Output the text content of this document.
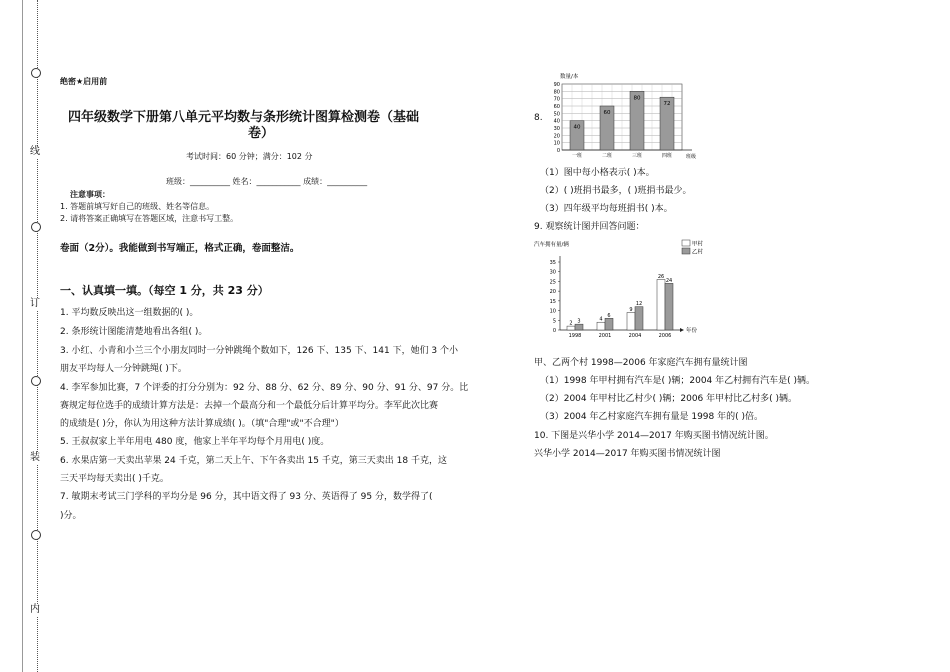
线
订
装
内
绝密★启用前
四年级数学下册第八单元平均数与条形统计图算检测卷（基础
卷）
考试时间：60 分钟；满分：102 分
班级：__________ 姓名：___________ 成绩：__________
注意事项：
1. 答题前填写好自己的班级、姓名等信息。
2. 请将答案正确填写在答题区域，注意书写工整。
卷面（2分）。我能做到书写端正，格式正确，卷面整洁。
一、认真填一填。（每空 1 分，共 23 分）
1. 平均数反映出这一组数据的( )。
2. 条形统计图能清楚地看出各组( )。
3. 小红、小青和小兰三个小朋友同时一分钟跳绳个数如下，126 下、135 下、141 下，她们 3 个小
朋友平均每人一分钟跳绳( )下。
4. 李军参加比赛，7 个评委的打分分别为：92 分、88 分、62 分、89 分、90 分、91 分、97 分。比
赛规定每位选手的成绩计算方法是：去掉一个最高分和一个最低分后计算平均分。李军此次比赛
的成绩是( )分，你认为用这种方法计算成绩( )。（填"合理"或"不合理"）
5. 王叔叔家上半年用电 480 度，他家上半年平均每个月用电( )度。
6. 水果店第一天卖出苹果 24 千克，第二天上午、下午各卖出 15 千克，第三天卖出 18 千克，这
三天平均每天卖出( )千克。
7. 敏期末考试三门学科的平均分是 96 分，其中语文得了 93 分、英语得了 95 分，数学得了(
)分。
8.
0
10
20
30
40
50
60
70
80
90
数量/本
班级
40
一班
60
二班
80
三班
72
四班
（1）图中每小格表示( )本。
（2）( )班捐书最多，( )班捐书最少。
（3）四年级平均每班捐书( )本。
9. 观察统计图并回答问题：
汽车拥有量/辆
年份
0
5
10
15
20
25
30
35
甲村
乙村
2 3
1998
4
6
2001
9
12
2004
26
24
2006
甲、乙两个村 1998—2006 年家庭汽车拥有量统计图
（1）1998 年甲村拥有汽车是( )辆；2004 年乙村拥有汽车是( )辆。
（2）2004 年甲村比乙村少( )辆；2006 年甲村比乙村多( )辆。
（3）2004 年乙村家庭汽车拥有量是 1998 年的( )倍。
10. 下图是兴华小学 2014—2017 年购买图书情况统计图。
兴华小学 2014—2017 年购买图书情况统计图
